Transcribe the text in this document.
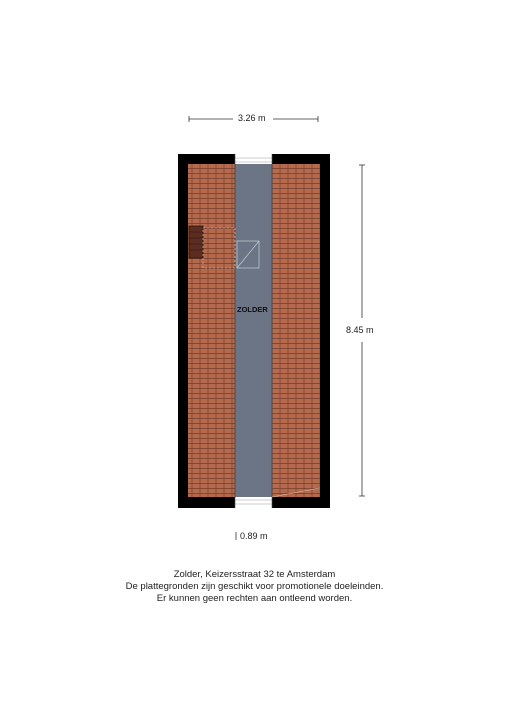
3.26 m
8.45 m
0.89 m
ZOLDER
Zolder, Keizersstraat 32 te Amsterdam
De plattegronden zijn geschikt voor promotionele doeleinden.
Er kunnen geen rechten aan ontleend worden.
